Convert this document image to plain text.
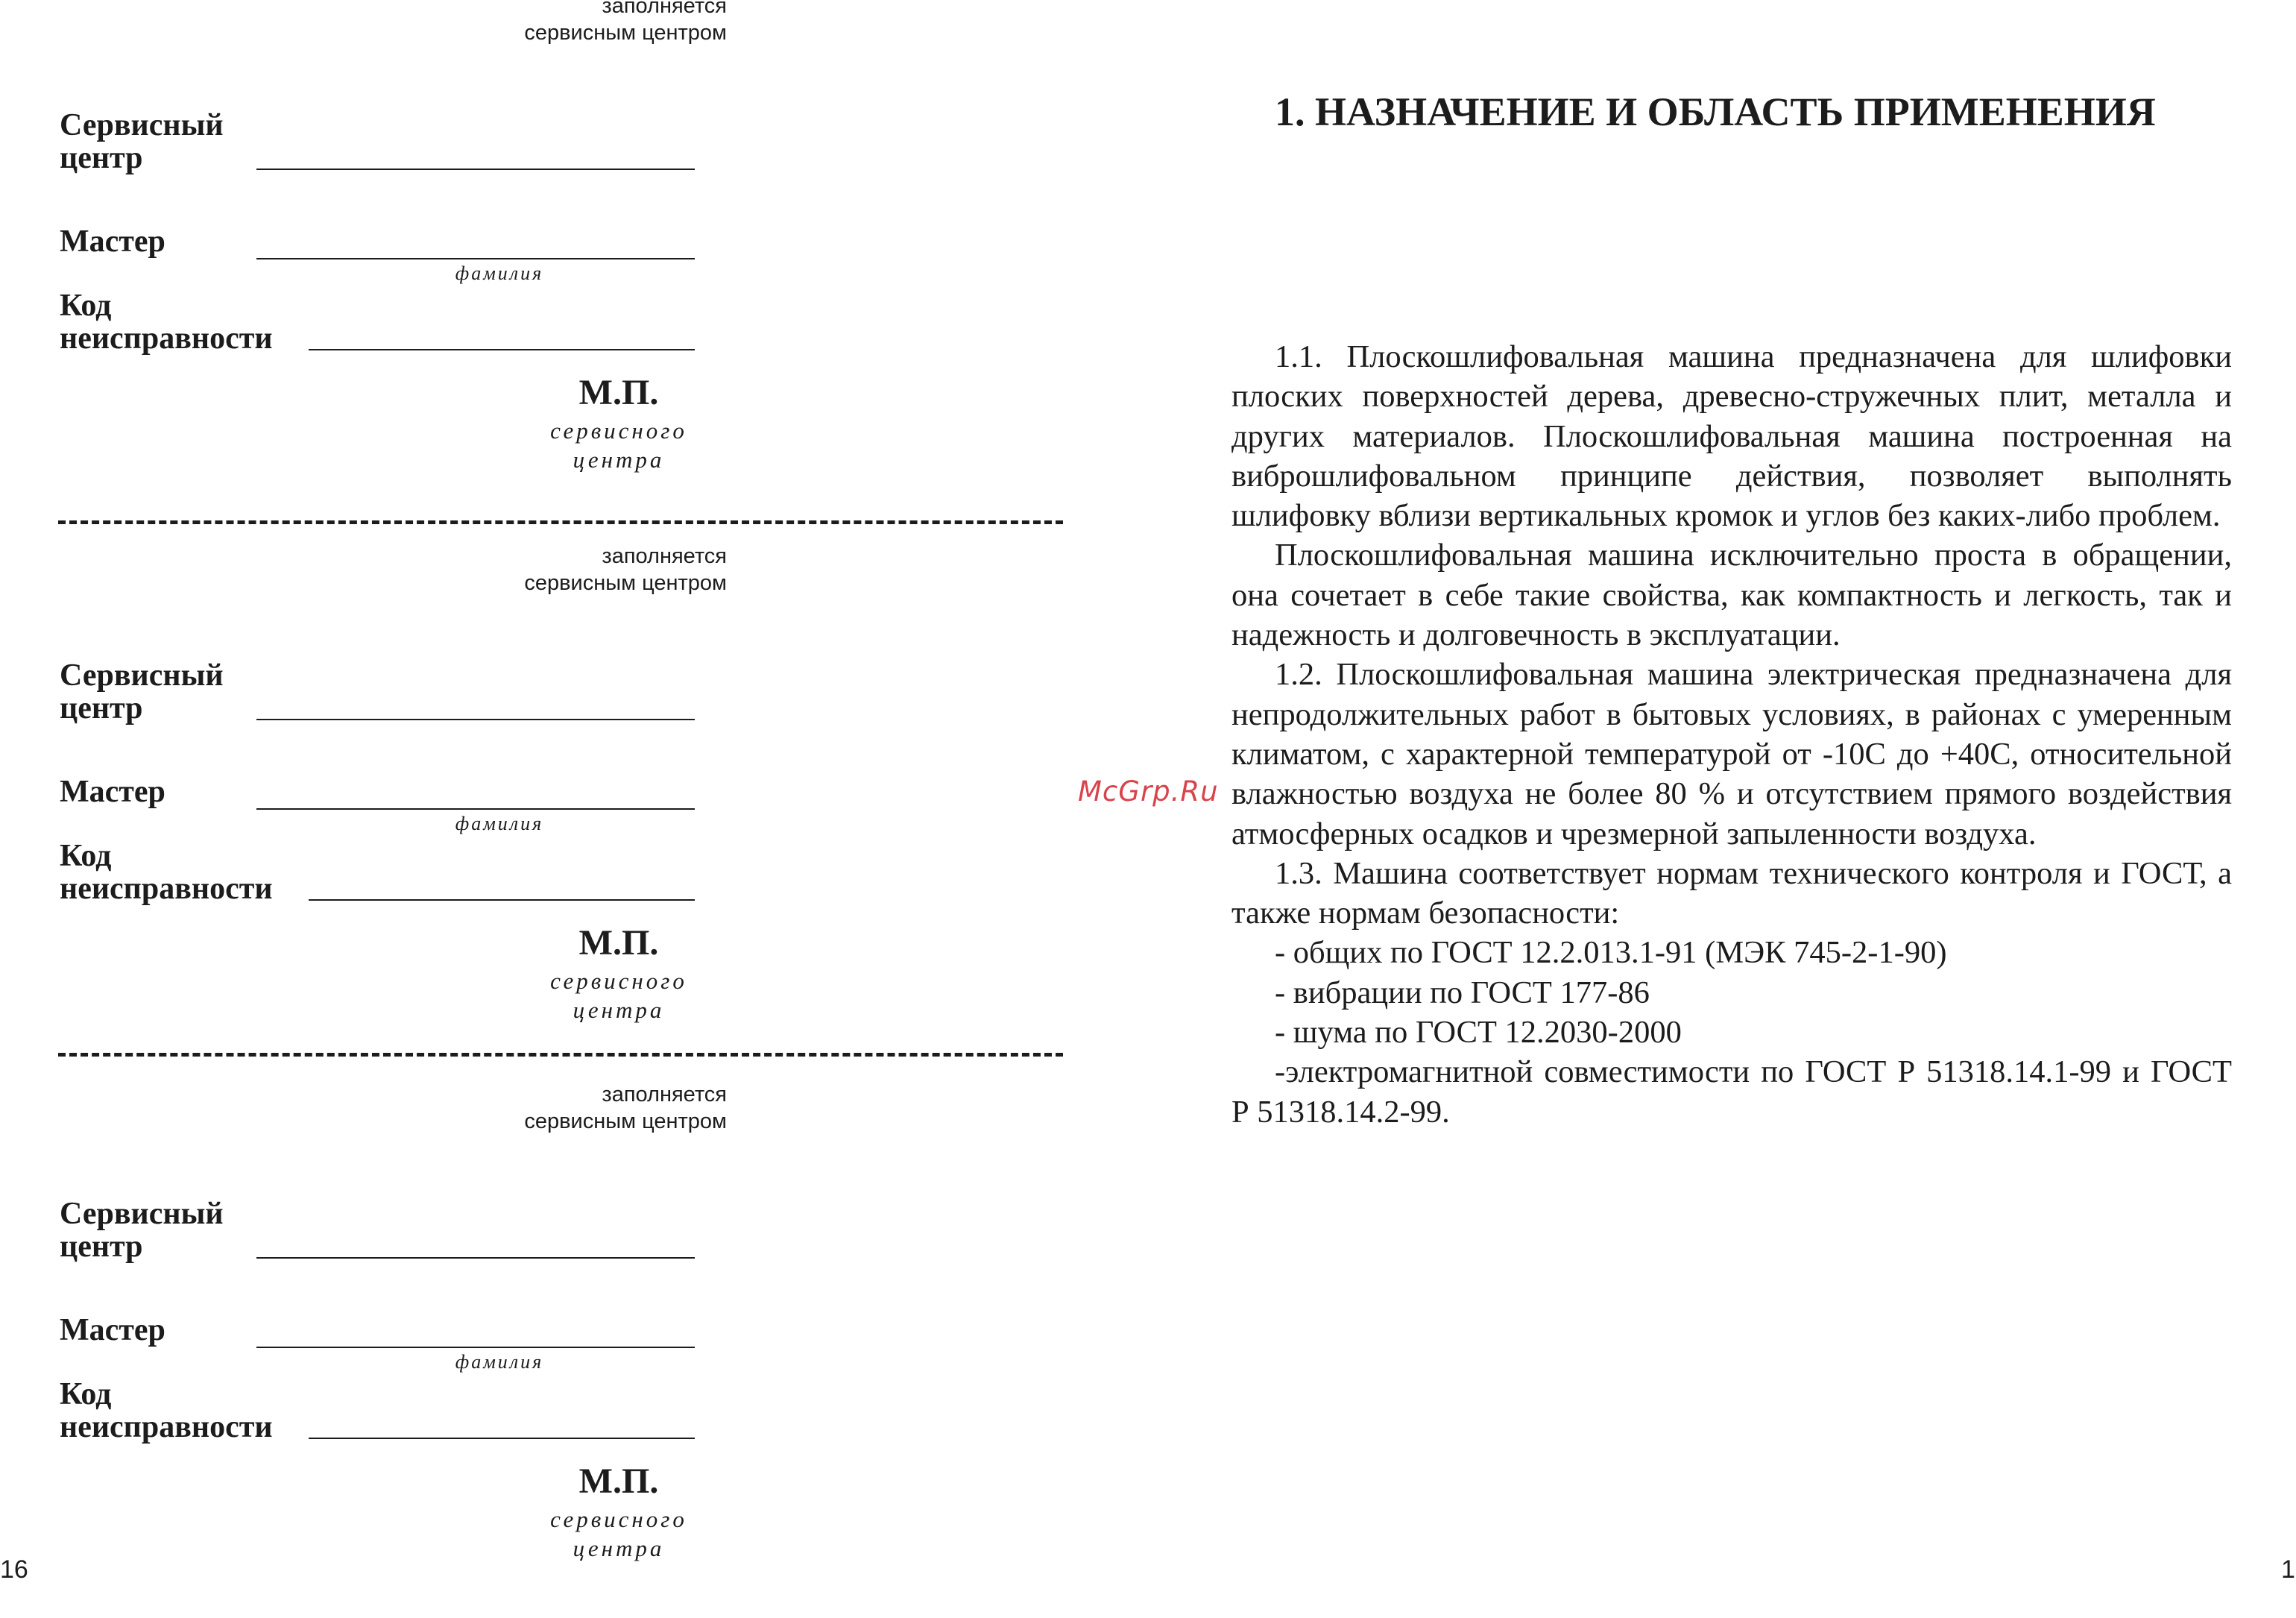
заполняется
сервисным центром
Сервисный
центр
Мастер
фамилия
Код
неисправности
М.П.
сервисного
центра
заполняется
сервисным центром
Сервисный
центр
Мастер
фамилия
Код
неисправности
М.П.
сервисного
центра
заполняется
сервисным центром
Сервисный
центр
Мастер
фамилия
Код
неисправности
М.П.
сервисного
центра
16
McGrp.Ru
1. НАЗНАЧЕНИЕ И ОБЛАСТЬ ПРИМЕНЕНИЯ

1.1. Плоскошлифовальная машина предназначена для шлифовки плоских поверхностей дерева, древесно-стружечных плит, металла и других материалов. Плоскошлифовальная машина построенная на виброшлифовальном принципе действия, позволяет выполнять шлифовку вблизи вертикальных кромок и углов без каких-либо проблем.

Плоскошлифовальная машина исключительно проста в обращении, она сочетает в себе такие свойства, как компактность и легкость, так и надежность и долговечность в эксплуатации.

1.2. Плоскошлифовальная машина электрическая предназначена для непродолжительных работ в бытовых условиях, в районах с умеренным климатом, с характерной температурой от -10С до +40С, относительной влажностью воздуха не более 80 % и отсутствием прямого воздействия атмосферных осадков и чрезмерной запыленности воздуха.

1.3. Машина соответствует нормам технического контроля и ГОСТ, а также нормам безопасности:

- общих по ГОСТ 12.2.013.1-91 (МЭК 745-2-1-90)

- вибрации по ГОСТ 177-86

- шума по ГОСТ 12.2030-2000

-электромагнитной совместимости по ГОСТ Р 51318.14.1-99 и ГОСТ Р 51318.14.2-99.

1
